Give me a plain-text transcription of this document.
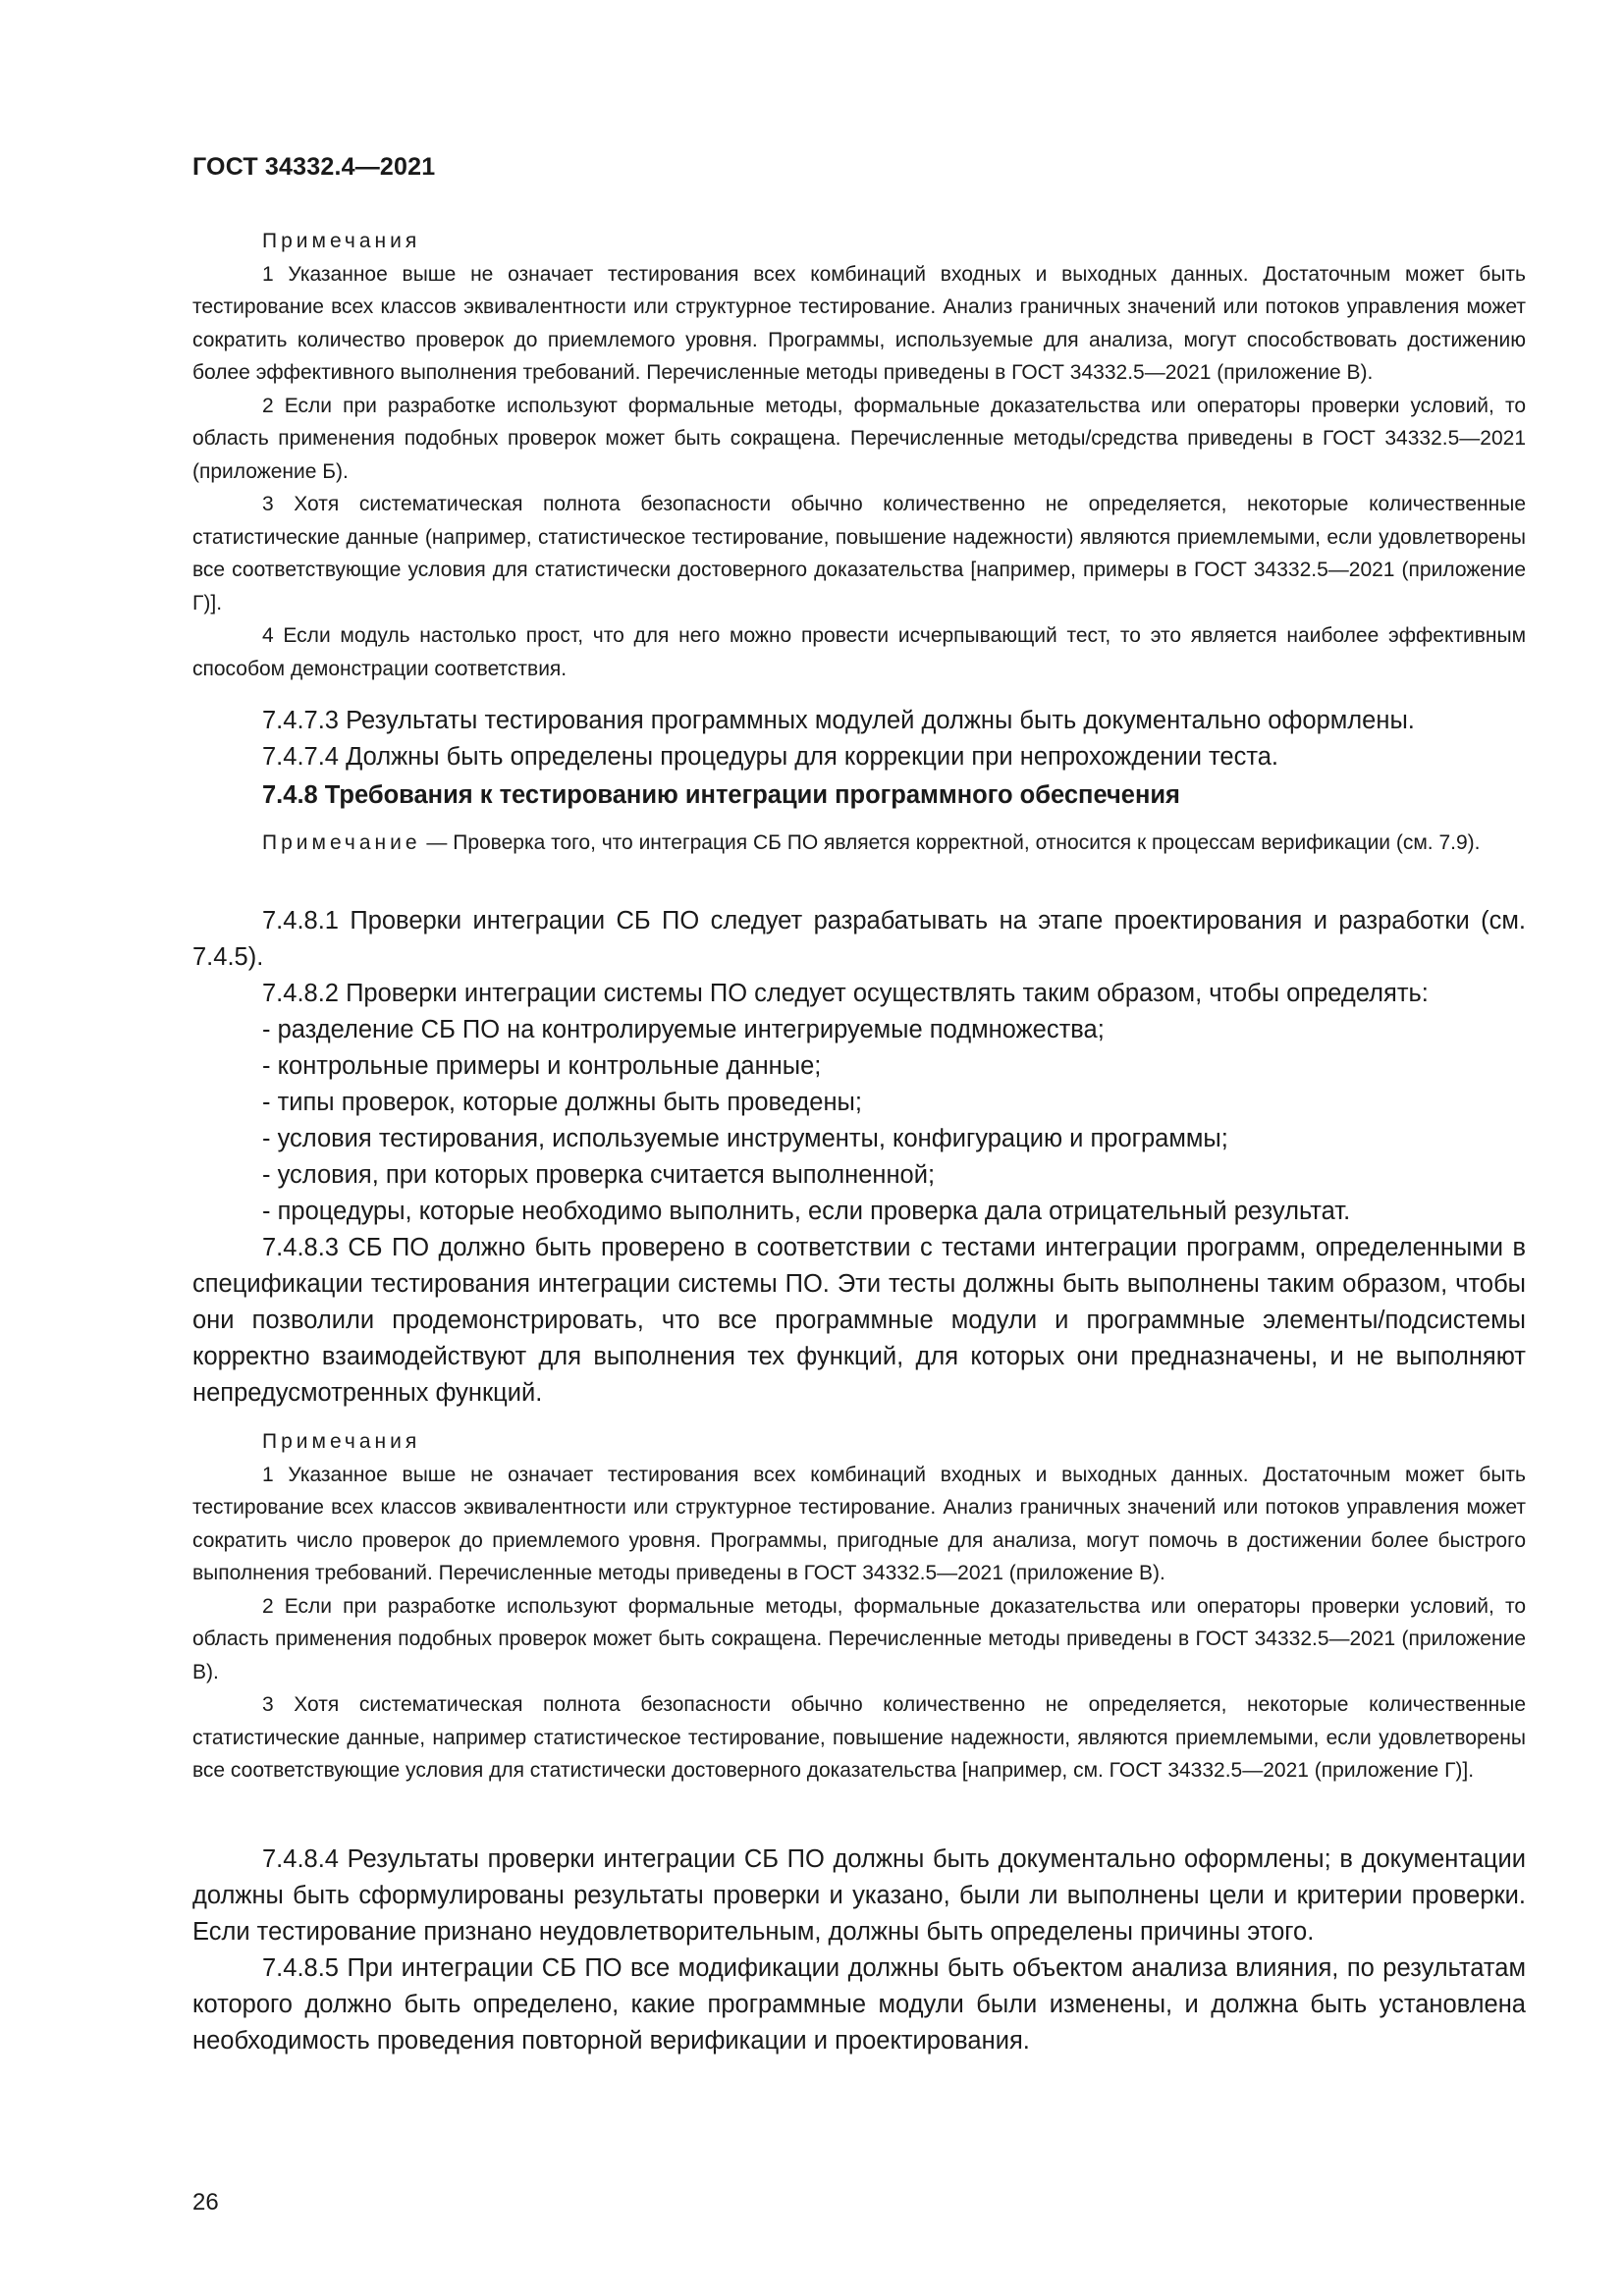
ГОСТ 34332.4—2021

Примечания

1 Указанное выше не означает тестирования всех комбинаций входных и выходных данных. Достаточным может быть тестирование всех классов эквивалентности или структурное тестирование. Анализ граничных значений или потоков управления может сократить количество проверок до приемлемого уровня. Программы, используемые для анализа, могут способствовать достижению более эффективного выполнения требований. Перечисленные методы приведены в ГОСТ 34332.5—2021 (приложение В).

2 Если при разработке используют формальные методы, формальные доказательства или операторы проверки условий, то область применения подобных проверок может быть сокращена. Перечисленные методы/средства приведены в ГОСТ 34332.5—2021 (приложение Б).

3 Хотя систематическая полнота безопасности обычно количественно не определяется, некоторые количественные статистические данные (например, статистическое тестирование, повышение надежности) являются приемлемыми, если удовлетворены все соответствующие условия для статистически достоверного доказательства [например, примеры в ГОСТ 34332.5—2021 (приложение Г)].

4 Если модуль настолько прост, что для него можно провести исчерпывающий тест, то это является наиболее эффективным способом демонстрации соответствия.

7.4.7.3 Результаты тестирования программных модулей должны быть документально оформлены.

7.4.7.4 Должны быть определены процедуры для коррекции при непрохождении теста.

7.4.8 Требования к тестированию интеграции программного обеспечения

Примечание — Проверка того, что интеграция СБ ПО является корректной, относится к процессам верификации (см. 7.9).

7.4.8.1 Проверки интеграции СБ ПО следует разрабатывать на этапе проектирования и разработки (см. 7.4.5).

7.4.8.2 Проверки интеграции системы ПО следует осуществлять таким образом, чтобы определять:

- разделение СБ ПО на контролируемые интегрируемые подмножества;

- контрольные примеры и контрольные данные;

- типы проверок, которые должны быть проведены;

- условия тестирования, используемые инструменты, конфигурацию и программы;

- условия, при которых проверка считается выполненной;

- процедуры, которые необходимо выполнить, если проверка дала отрицательный результат.

7.4.8.3 СБ ПО должно быть проверено в соответствии с тестами интеграции программ, определенными в спецификации тестирования интеграции системы ПО. Эти тесты должны быть выполнены таким образом, чтобы они позволили продемонстрировать, что все программные модули и программные элементы/подсистемы корректно взаимодействуют для выполнения тех функций, для которых они предназначены, и не выполняют непредусмотренных функций.

Примечания

1 Указанное выше не означает тестирования всех комбинаций входных и выходных данных. Достаточным может быть тестирование всех классов эквивалентности или структурное тестирование. Анализ граничных значений или потоков управления может сократить число проверок до приемлемого уровня. Программы, пригодные для анализа, могут помочь в достижении более быстрого выполнения требований. Перечисленные методы приведены в ГОСТ 34332.5—2021 (приложение В).

2 Если при разработке используют формальные методы, формальные доказательства или операторы проверки условий, то область применения подобных проверок может быть сокращена. Перечисленные методы приведены в ГОСТ 34332.5—2021 (приложение В).

3 Хотя систематическая полнота безопасности обычно количественно не определяется, некоторые количественные статистические данные, например статистическое тестирование, повышение надежности, являются приемлемыми, если удовлетворены все соответствующие условия для статистически достоверного доказательства [например, см. ГОСТ 34332.5—2021 (приложение Г)].

7.4.8.4 Результаты проверки интеграции СБ ПО должны быть документально оформлены; в документации должны быть сформулированы результаты проверки и указано, были ли выполнены цели и критерии проверки. Если тестирование признано неудовлетворительным, должны быть определены причины этого.

7.4.8.5 При интеграции СБ ПО все модификации должны быть объектом анализа влияния, по результатам которого должно быть определено, какие программные модули были изменены, и должна быть установлена необходимость проведения повторной верификации и проектирования.

26
